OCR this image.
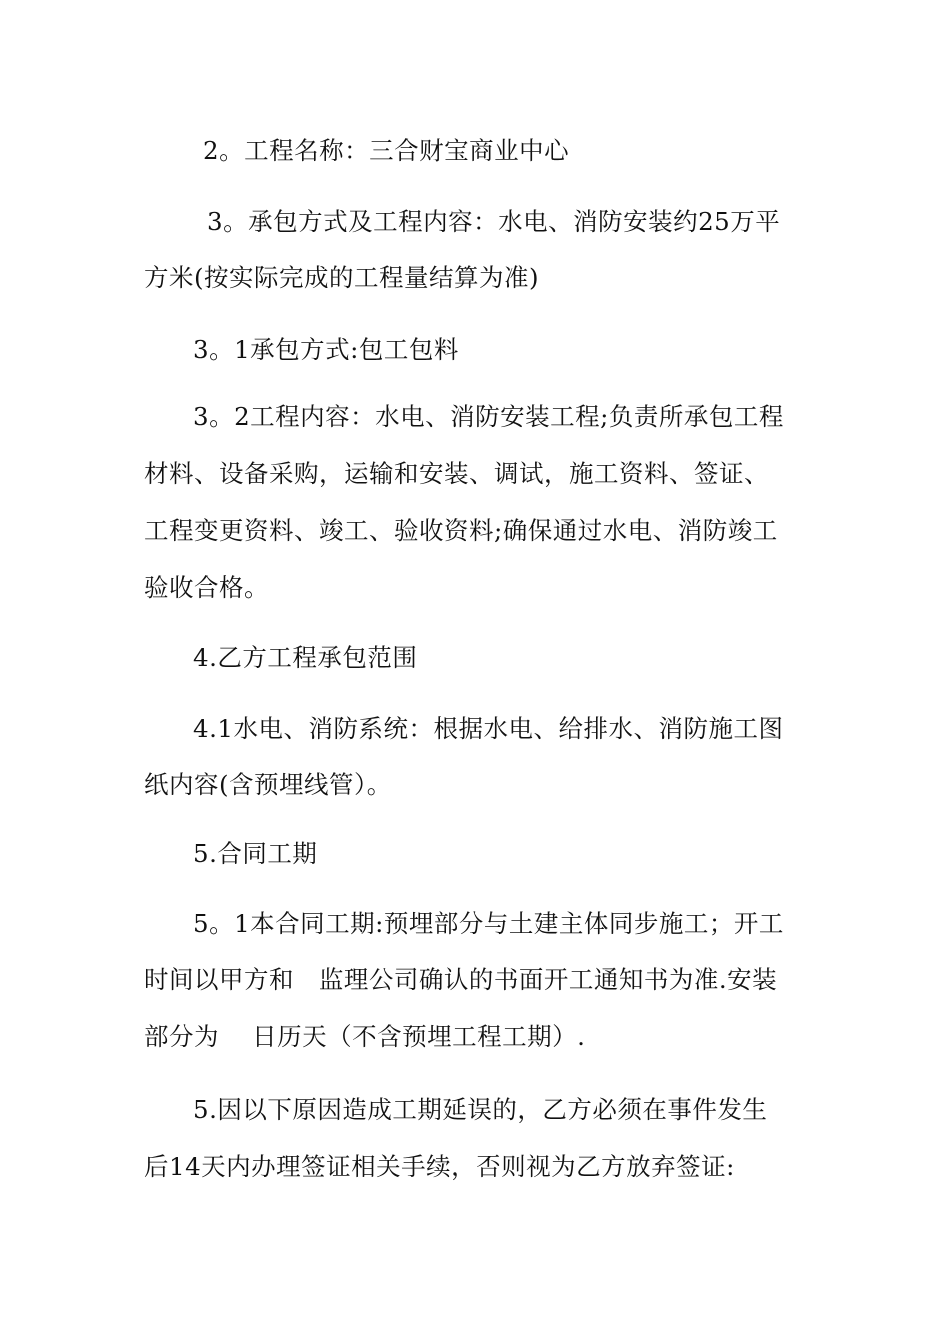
2。工程名称：三合财宝商业中心
3。承包方式及工程内容：水电、消防安装约25万平
方米(按实际完成的工程量结算为准)
3。1承包方式:包工包料
3。2工程内容：水电、消防安装工程;负责所承包工程
材料、设备采购，运输和安装、调试，施工资料、签证、
工程变更资料、竣工、验收资料;确保通过水电、消防竣工
验收合格。
4.乙方工程承包范围
4.1水电、消防系统：根据水电、给排水、消防施工图
纸内容(含预埋线管）。
5.合同工期
5。1本合同工期:预埋部分与土建主体同步施工；开工
时间以甲方和   监理公司确认的书面开工通知书为准.安装
部分为    日历天（不含预埋工程工期）.
5.因以下原因造成工期延误的，乙方必须在事件发生
后14天内办理签证相关手续，否则视为乙方放弃签证:
